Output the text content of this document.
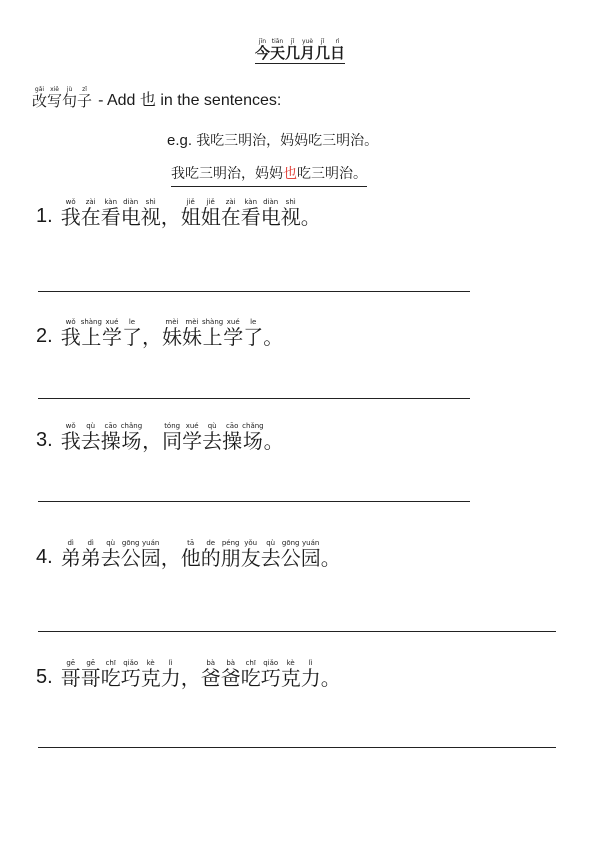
jīn
今
tiān
天
jǐ
几
yuè
月
jǐ
几
rì
日
gǎi
改
xiě
写
jù
句
zǐ
子 - Add 也 in the sentences:
e.g. 我吃三明治，妈妈吃三明治。
我吃三明治，妈妈也吃三明治。
1.
wǒ
我
zài
在
kàn
看
diàn
电
shì
视 ，
jiě
姐
jiě
姐
zài
在
kàn
看
diàn
电
shì
视 。
2.
wǒ
我
shàng
上
xué
学
le
了 ，
mèi
妹
mèi
妹
shàng
上
xué
学
le
了 。
3.
wǒ
我
qù
去
cāo
操
chǎng
场 ，
tóng
同
xué
学
qù
去
cāo
操
chǎng
场 。
4.
dì
弟
dì
弟
qù
去
gōng
公
yuán
园 ，
tā
他
de
的
péng
朋
yǒu
友
qù
去
gōng
公
yuán
园 。
5.
gē
哥
gē
哥
chī
吃
qiǎo
巧
kè
克
lì
力 ，
bà
爸
bà
爸
chī
吃
qiǎo
巧
kè
克
lì
力 。
